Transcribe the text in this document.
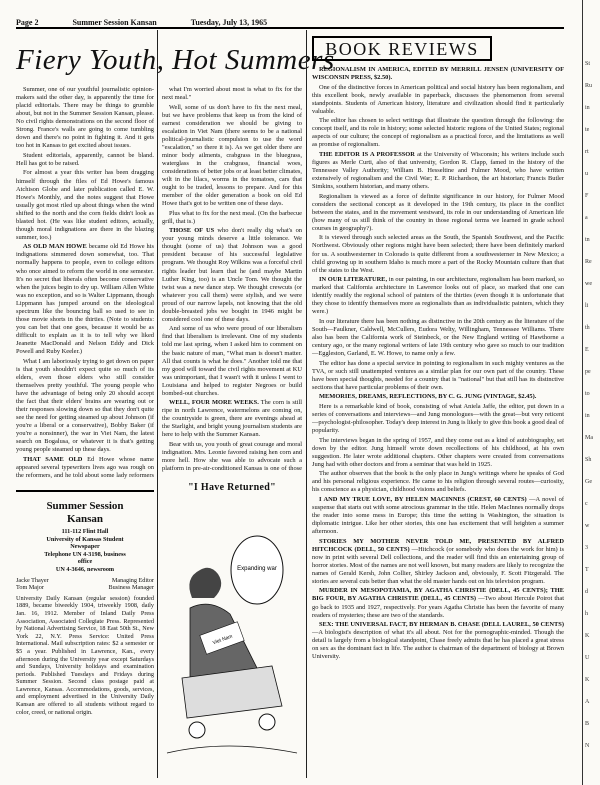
Page 2	Summer Session Kansan	Tuesday, July 13, 1965
Fiery Youth, Hot Summers

Summer, one of our youthful journalistic opinion-makers said the other day, is apparently the time for placid editorials. There may be things to grumble about, but not in the Summer Session Kansan, please. No civil rights demonstrations on the second floor of Strong. France's walls are going to come tumbling down and there's no point in fighting it. And it gets too hot in Kansas to get excited about issues.

Student editorials, apparently, cannot be bland. Hell has got to be raised.

For almost a year this writer has been dragging himself through the files of Ed Howe's famous Atchison Globe and later publication called E. W. Howe's Monthly, and the notes suggest that Howe usually got most riled up about things when the wind shifted to the north and the corn fields didn't look as blasted hot. (He was like student editors, actually, though moral indignations are there in the blazing summer, too.)

AS OLD MAN HOWE became old Ed Howe his indignations simmered down somewhat, too. That normally happens to people, even to college editors who once aimed to reform the world in one semester. It's no secret that liberals often become conservative when the juices begin to dry up. William Allen White was no exception, and so is Walter Lippmann, though Lippmann has jumped around on the ideological spectrum like the bouncing ball so used to see in those movie shorts in the thirties. (Note to students: you can bet that one goes, because it would be as difficult to explain as it is to tell why we liked Jeanette MacDonald and Nelson Eddy and Dick Powell and Ruby Keeler.)

What I am laboriously trying to get down on paper is that youth shouldn't expect quite so much of its elders, even those elders who still consider themselves pretty youthful. The young people who have the advantage of being only 20 should accept the fact that their elders' brains are wearing out or their responses slowing down so that they don't quite see the need for getting steamed up about Johnson (if you're a liberal or a conservative), Bobby Baker (if you're a nonsinner), the war in Viet Nam, the latest search on Bogalusa, or whatever it is that's getting young people steamed up these days.

THAT SAME OLD Ed Howe whose name appeared several typewriters lives ago was rough on the reformers, and he told about some lady reformers

what I'm worried about most is what to fix for the next meal."

Well, some of us don't have to fix the next meal, but we have problems that keep us from the kind of earnest consideration we should be giving to escalation in Viet Nam (there seems to be a national political-journalistic compulsion to use the word "escalation," so there it is). As we get older there are minor body ailments, crabgrass in the bluegrass, waterglass in the crabgrass, financial woes, considerations of better jobs or at least better climates, wilt in the lilacs, worms in the tomatoes, cars that ought to be traded, lessons to prepare. And for this member of the older generation a book on old Ed Howe that's got to be written one of these days.

Plus what to fix for the next meal. (On the barbecue grill, that is.)

THOSE OF US who don't really dig what's on your young minds deserve a little tolerance. We thought (some of us) that Johnson was a good president because of his successful legislative program. We thought Roy Wilkins was a forceful civil rights leader but learn that he (and maybe Martin Luther King, too) is an Uncle Tom. We thought the twist was a new dance step. We thought crewcuts (or whatever you call them) were stylish, and we were proud of our narrow lapels, not knowing that the old double-breasted jobs we bought in 1946 might be considered cool one of these days.

And some of us who were proud of our liberalism find that liberalism is irrelevant. One of my students told me last spring, when I asked him to comment on the basic nature of man, "What man is doesn't matter. All that counts is what he does." Another told me that my good will toward the civil rights movement at KU was unimportant, that I wasn't with it unless I went to Louisiana and helped to register Negroes or build bombed-out churches.

WELL, FOUR MORE WEEKS. The corn is still ripe in north Lawrence, watermelons are coming on, the countryside is green, there are evenings ahead at the Starlight, and bright young journalism students are here to help with the Summer Kansan.

Bear with us, you youth of great courage and moral indignation. Mrs. Leonie favored raising hen corn and more hell. How she was able to advocate such a platform in pre-air-conditioned Kansas is one of those

Summer Session
Kansan
111-112 Flint Hall
University of Kansas Student
Newspaper
Telephone UN 4-3198, business
office
UN 4-3646, newsroom
Jacke Thayer	Managing Editor
Tom Major	Business Manager
University Daily Kansan (regular session) founded 1889, became biweekly 1904, triweekly 1908, daily Jan. 16, 1912. Member of Inland Daily Press Association, Associated Collegiate Press. Represented by National Advertising Service, 18 East 50th St., New York 22, N.Y. Press Service: United Press International. Mail subscription rates: $2 a semester or $5 a year. Published in Lawrence, Kan., every afternoon during the University year except Saturdays and Sundays, University holidays and examination periods. Published Tuesdays and Fridays during Summer Session. Second class postage paid at Lawrence, Kansas. Accommodations, goods, services, and employment advertised in the University Daily Kansan are offered to all students without regard to color, creed, or national origin.
"I Have Returned"
Expanding war
Viet Nam
BOOK REVIEWS

REGIONALISM IN AMERICA, EDITED BY MERRILL JENSEN (UNIVERSITY OF WISCONSIN PRESS, $2.50).

One of the distinctive forces in American political and social history has been regionalism, and this excellent book, newly available in paperback, discusses the phenomenon from several standpoints. Students of American history, literature and civilization should find it particularly valuable.

The editor has chosen to select writings that illustrate the question through the following: the concept itself, and its role in history; some selected historic regions of the United States; regional aspects of our culture; the concept of regionalism as a practical force, and the limitations as well as promise of regionalism.

THE EDITOR IS A PROFESSOR at the University of Wisconsin; his writers include such figures as Merle Curti, also of that university, Gordon R. Clapp, famed in the history of the Tennessee Valley Authority; William B. Hesseltine and Fulmer Mood, who have written extensively of regionalism and the Civil War; E. P. Richardson, the art historian; Francis Butler Simkins, southern historian, and many others.

Regionalism is viewed as a force of definite significance in our history, for Fulmer Mood considers the sectional concept as it developed in the 19th century, its place in the conflict between the states, and in the movement westward, its role in our understanding of American life (how many of us still think of the country in those regional terms we learned in grade school courses in geography?).

It is viewed through such selected areas as the South, the Spanish Southwest, and the Pacific Northwest. Obviously other regions might have been selected; there have been definitely marked for us. A southwesterner in Colorado is quite different from a southwesterner in New Mexico; a child growing up in southern Idaho is much more a part of the Rocky Mountain culture than that of the states to the West.

IN OUR LITERATURE, in our painting, in our architecture, regionalism has been marked, so marked that California architecture in Lawrence looks out of place, so marked that one can identify readily the regional school of painters of the thirties (even though it is unfortunate that they chose to identify themselves more as regionalists than as individualistic painters, which they were.)

In our literature there has been nothing as distinctive in the 20th century as the literature of the South—Faulkner, Caldwell, McCullers, Eudora Welty, Willingham, Tennessee Williams. There also has been the California work of Steinbeck, or the New England writing of Hawthorne a century ago, or the many regional writers of late 19th century who gave so much to our tradition—Eggleston, Garland, E. W. Howe, to name only a few.

The editor has done a special service in pointing to regionalism in such mighty ventures as the TVA, or such still unattempted ventures as a similar plan for our own part of the country. These have been special thoughts, needed for a country that is "national" but that still has its distinctive sections that have particular problems of their own.

MEMORIES, DREAMS, REFLECTIONS, BY C. G. JUNG (VINTAGE, $2.45).

Here is a remarkable kind of book, consisting of what Aniela Jaffe, the editor, put down in a series of conversations and interviews—and Jung monologues—with the great—but very reticent—psychologist-philosopher. Today's deep interest in Jung is likely to give this book a good deal of popularity.

The interviews began in the spring of 1957, and they come out as a kind of autobiography, set down by the editor. Jung himself wrote down recollections of his childhood, at his own suggestion. He later wrote additional chapters. Other chapters were created from conversations Jung had with other doctors and from a seminar that was held in 1925.

The author observes that the book is the only place in Jung's writings where he speaks of God and his personal religious experience. He came to his religion through several routes—curiosity, his conscience as a physician, childhood visions and beliefs.

I AND MY TRUE LOVE, BY HELEN MACINNES (CREST, 60 CENTS) —A novel of suspense that starts out with some atrocious grammar in the title. Helen MacInnes normally drops the reader into some mess in Europe; this time the setting is Washington, the situation is diplomatic intrigue. Like her other stories, this one has excitement that will heighten a summer afternoon.

STORIES MY MOTHER NEVER TOLD ME, PRESENTED BY ALFRED HITCHCOCK (DELL, 50 CENTS) —Hitchcock (or somebody who does the work for him) is now in print with several Dell collections, and the reader will find this an entertaining group of horror stories. Most of the names are not well known, but many readers are likely to recognize the names of Gerald Kersh, John Collier, Shirley Jackson and, obviously, F. Scott Fitzgerald. The stories are several cuts better than what the old master hands out on his television program.

MURDER IN MESOPOTAMIA, BY AGATHA CHRISTIE (DELL, 45 CENTS); THE BIG FOUR, BY AGATHA CHRISTIE (DELL, 45 CENTS) —Two about Hercule Poirot that go back to 1935 and 1927, respectively. For years Agatha Christie has been the favorite of many readers of mysteries; these are two of the standards.

SEX: THE UNIVERSAL FACT, BY HERMAN B. CHASE (DELL LAUREL, 50 CENTS) —A biologist's description of what it's all about. Not for the pornographic-minded. Though the detail is largely from a biological standpoint, Chase freely admits that he has placed a great stress on sex as the dominant fact in life. The author is chairman of the department of biology at Brown University.

St
Ru
in
te
rt
u
F
a
tn
Re
we
li
th
E
pe
to
in
Ma
Sh
Ge
c
w
3
T
d
h
K
U
K
A
B
N
